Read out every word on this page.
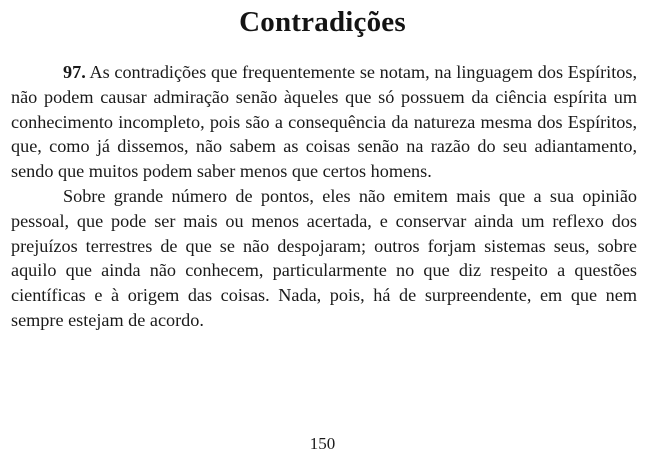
Contradições

97. As contradições que frequentemente se notam, na linguagem dos Espíritos, não podem causar admiração senão àqueles que só possuem da ciência espírita um conhecimento incompleto, pois são a consequência da natureza mesma dos Espíritos, que, como já dissemos, não sabem as coisas senão na razão do seu adiantamento, sendo que muitos podem saber menos que certos homens.

Sobre grande número de pontos, eles não emitem mais que a sua opinião pessoal, que pode ser mais ou menos acertada, e conservar ainda um reflexo dos prejuízos terrestres de que se não despojaram; outros forjam sistemas seus, sobre aquilo que ainda não conhecem, particularmente no que diz respeito a questões científicas e à origem das coisas. Nada, pois, há de surpreendente, em que nem sempre estejam de acordo.

150
